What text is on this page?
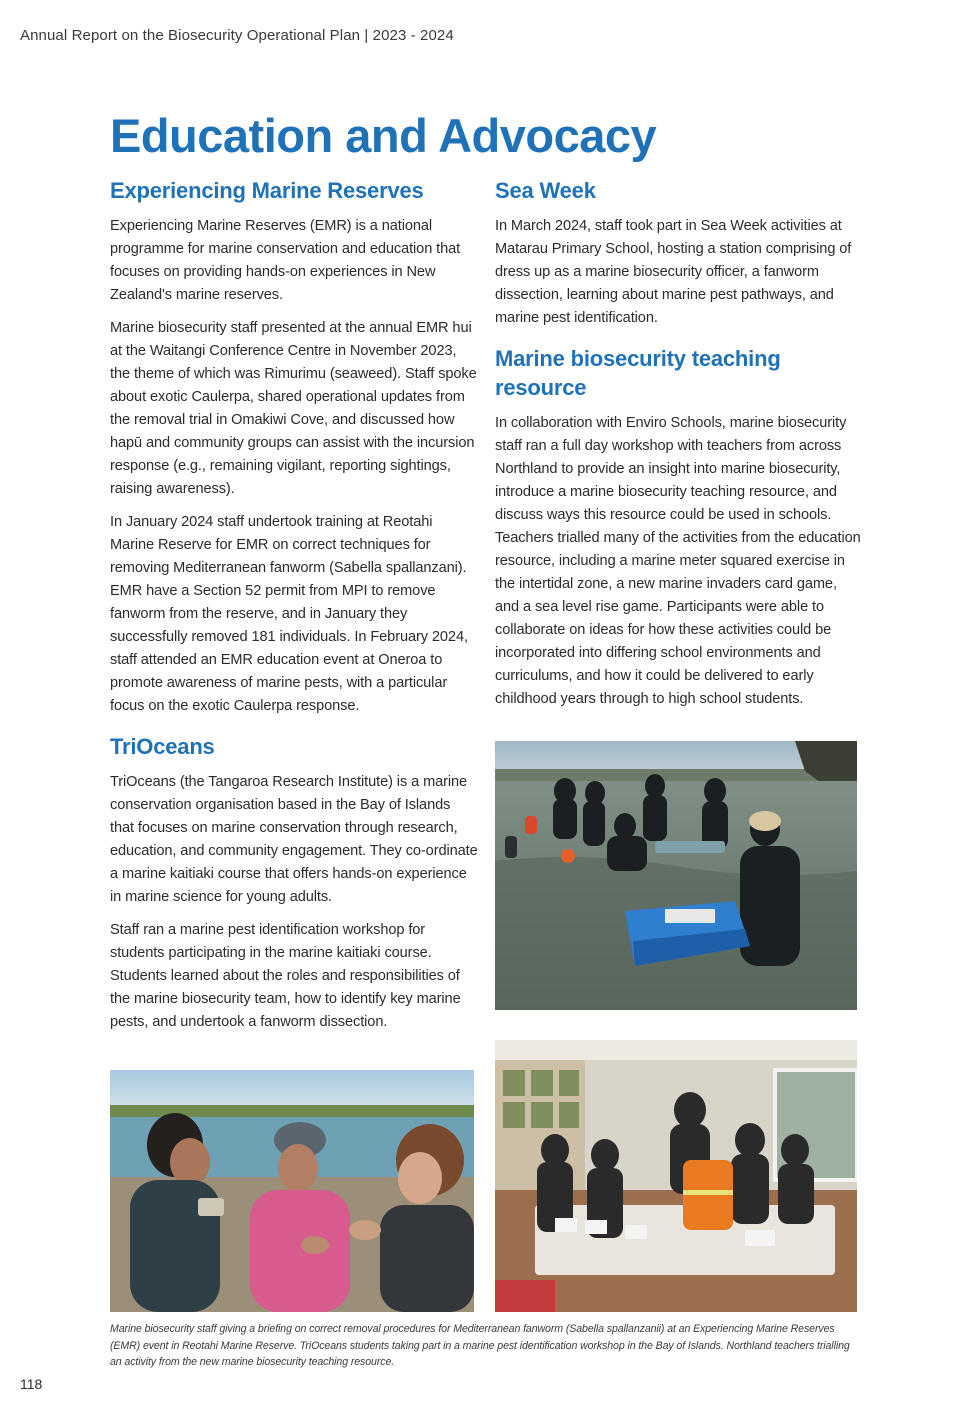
Annual Report on the Biosecurity Operational Plan | 2023 - 2024
Education and Advocacy
Experiencing Marine Reserves

Experiencing Marine Reserves (EMR) is a national programme for marine conservation and education that focuses on providing hands-on experiences in New Zealand's marine reserves.

Marine biosecurity staff presented at the annual EMR hui at the Waitangi Conference Centre in November 2023, the theme of which was Rimurimu (seaweed). Staff spoke about exotic Caulerpa, shared operational updates from the removal trial in Omakiwi Cove, and discussed how hapū and community groups can assist with the incursion response (e.g., remaining vigilant, reporting sightings, raising awareness).

In January 2024 staff undertook training at Reotahi Marine Reserve for EMR on correct techniques for removing Mediterranean fanworm (Sabella spallanzani). EMR have a Section 52 permit from MPI to remove fanworm from the reserve, and in January they successfully removed 181 individuals. In February 2024, staff attended an EMR education event at Oneroa to promote awareness of marine pests, with a particular focus on the exotic Caulerpa response.

TriOceans

TriOceans (the Tangaroa Research Institute) is a marine conservation organisation based in the Bay of Islands that focuses on marine conservation through research, education, and community engagement. They co-ordinate a marine kaitiaki course that offers hands-on experience in marine science for young adults.

Staff ran a marine pest identification workshop for students participating in the marine kaitiaki course. Students learned about the roles and responsibilities of the marine biosecurity team, how to identify key marine pests, and undertook a fanworm dissection.

Sea Week

In March 2024, staff took part in Sea Week activities at Matarau Primary School, hosting a station comprising of dress up as a marine biosecurity officer, a fanworm dissection, learning about marine pest pathways, and marine pest identification.

Marine biosecurity teaching resource

In collaboration with Enviro Schools, marine biosecurity staff ran a full day workshop with teachers from across Northland to provide an insight into marine biosecurity, introduce a marine biosecurity teaching resource, and discuss ways this resource could be used in schools. Teachers trialled many of the activities from the education resource, including a marine meter squared exercise in the intertidal zone, a new marine invaders card game, and a sea level rise game. Participants were able to collaborate on ideas for how these activities could be incorporated into differing school environments and curriculums, and how it could be delivered to early childhood years through to high school students.

Marine biosecurity staff giving a briefing on correct removal procedures for Mediterranean fanworm (Sabella spallanzanii) at an Experiencing Marine Reserves (EMR) event in Reotahi Marine Reserve. TriOceans students taking part in a marine pest identification workshop in the Bay of Islands. Northland teachers trialling an activity from the new marine biosecurity teaching resource.

118
